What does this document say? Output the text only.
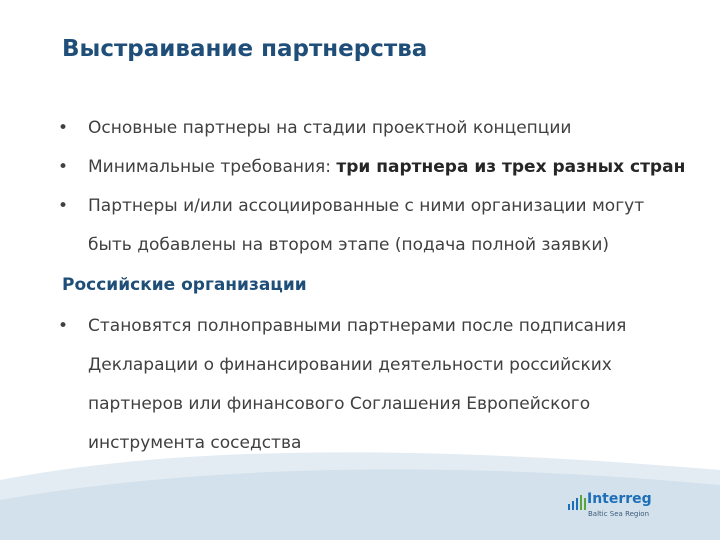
Выстраивание партнерства
• Основные партнеры на стадии проектной концепции
• Минимальные требования: три партнера из трех разных стран
• Партнеры и/или ассоциированные с ними организации могут
быть добавлены на втором этапе (подача полной заявки)
Российские организации
• Становятся полноправными партнерами после подписания
Декларации о финансировании деятельности российских
партнеров или финансового Соглашения Европейского
инструмента соседства
Interreg
Baltic Sea Region
